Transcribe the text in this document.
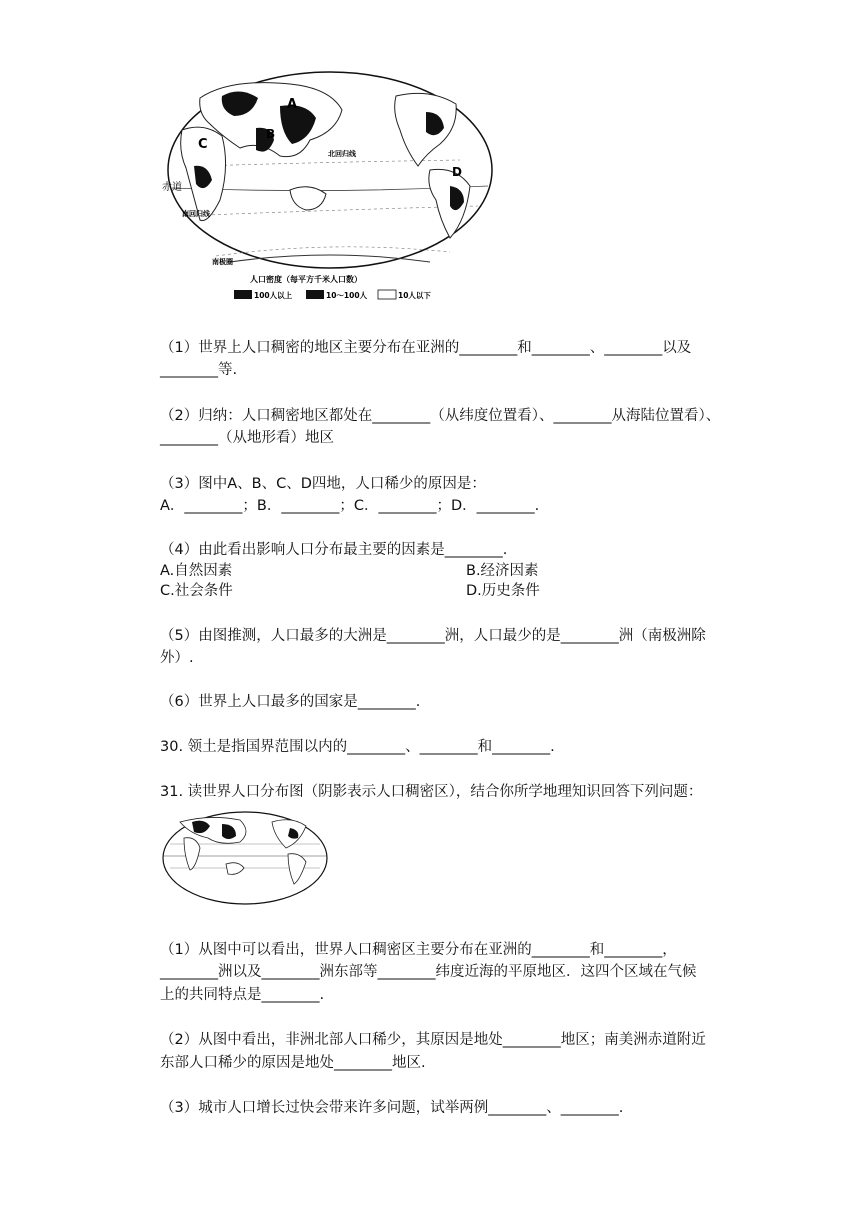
A
B
C
D
赤道
北回归线
南回归线
南极圈
人口密度（每平方千米人口数）
100人以上	10～100人	10人以下
（1）世界上人口稠密的地区主要分布在亚洲的________和________、________以及
________等.
（2）归纳：人口稠密地区都处在________（从纬度位置看）、________从海陆位置看）、
________（从地形看）地区
（3）图中A、B、C、D四地，人口稀少的原因是：
A．________；B．________；C．________；D．________.
（4）由此看出影响人口分布最主要的因素是________.
A.自然因素	B.经济因素
C.社会条件	D.历史条件
（5）由图推测，人口最多的大洲是________洲，人口最少的是________洲（南极洲除
外）.
（6）世界上人口最多的国家是________.
30. 领土是指国界范围以内的________、________和________.
31. 读世界人口分布图（阴影表示人口稠密区），结合你所学地理知识回答下列问题：
（1）从图中可以看出，世界人口稠密区主要分布在亚洲的________和________，
________洲以及________洲东部等________纬度近海的平原地区．这四个区域在气候
上的共同特点是________.
（2）从图中看出，非洲北部人口稀少，其原因是地处________地区；南美洲赤道附近
东部人口稀少的原因是地处________地区.
（3）城市人口增长过快会带来许多问题，试举两例________、________.
